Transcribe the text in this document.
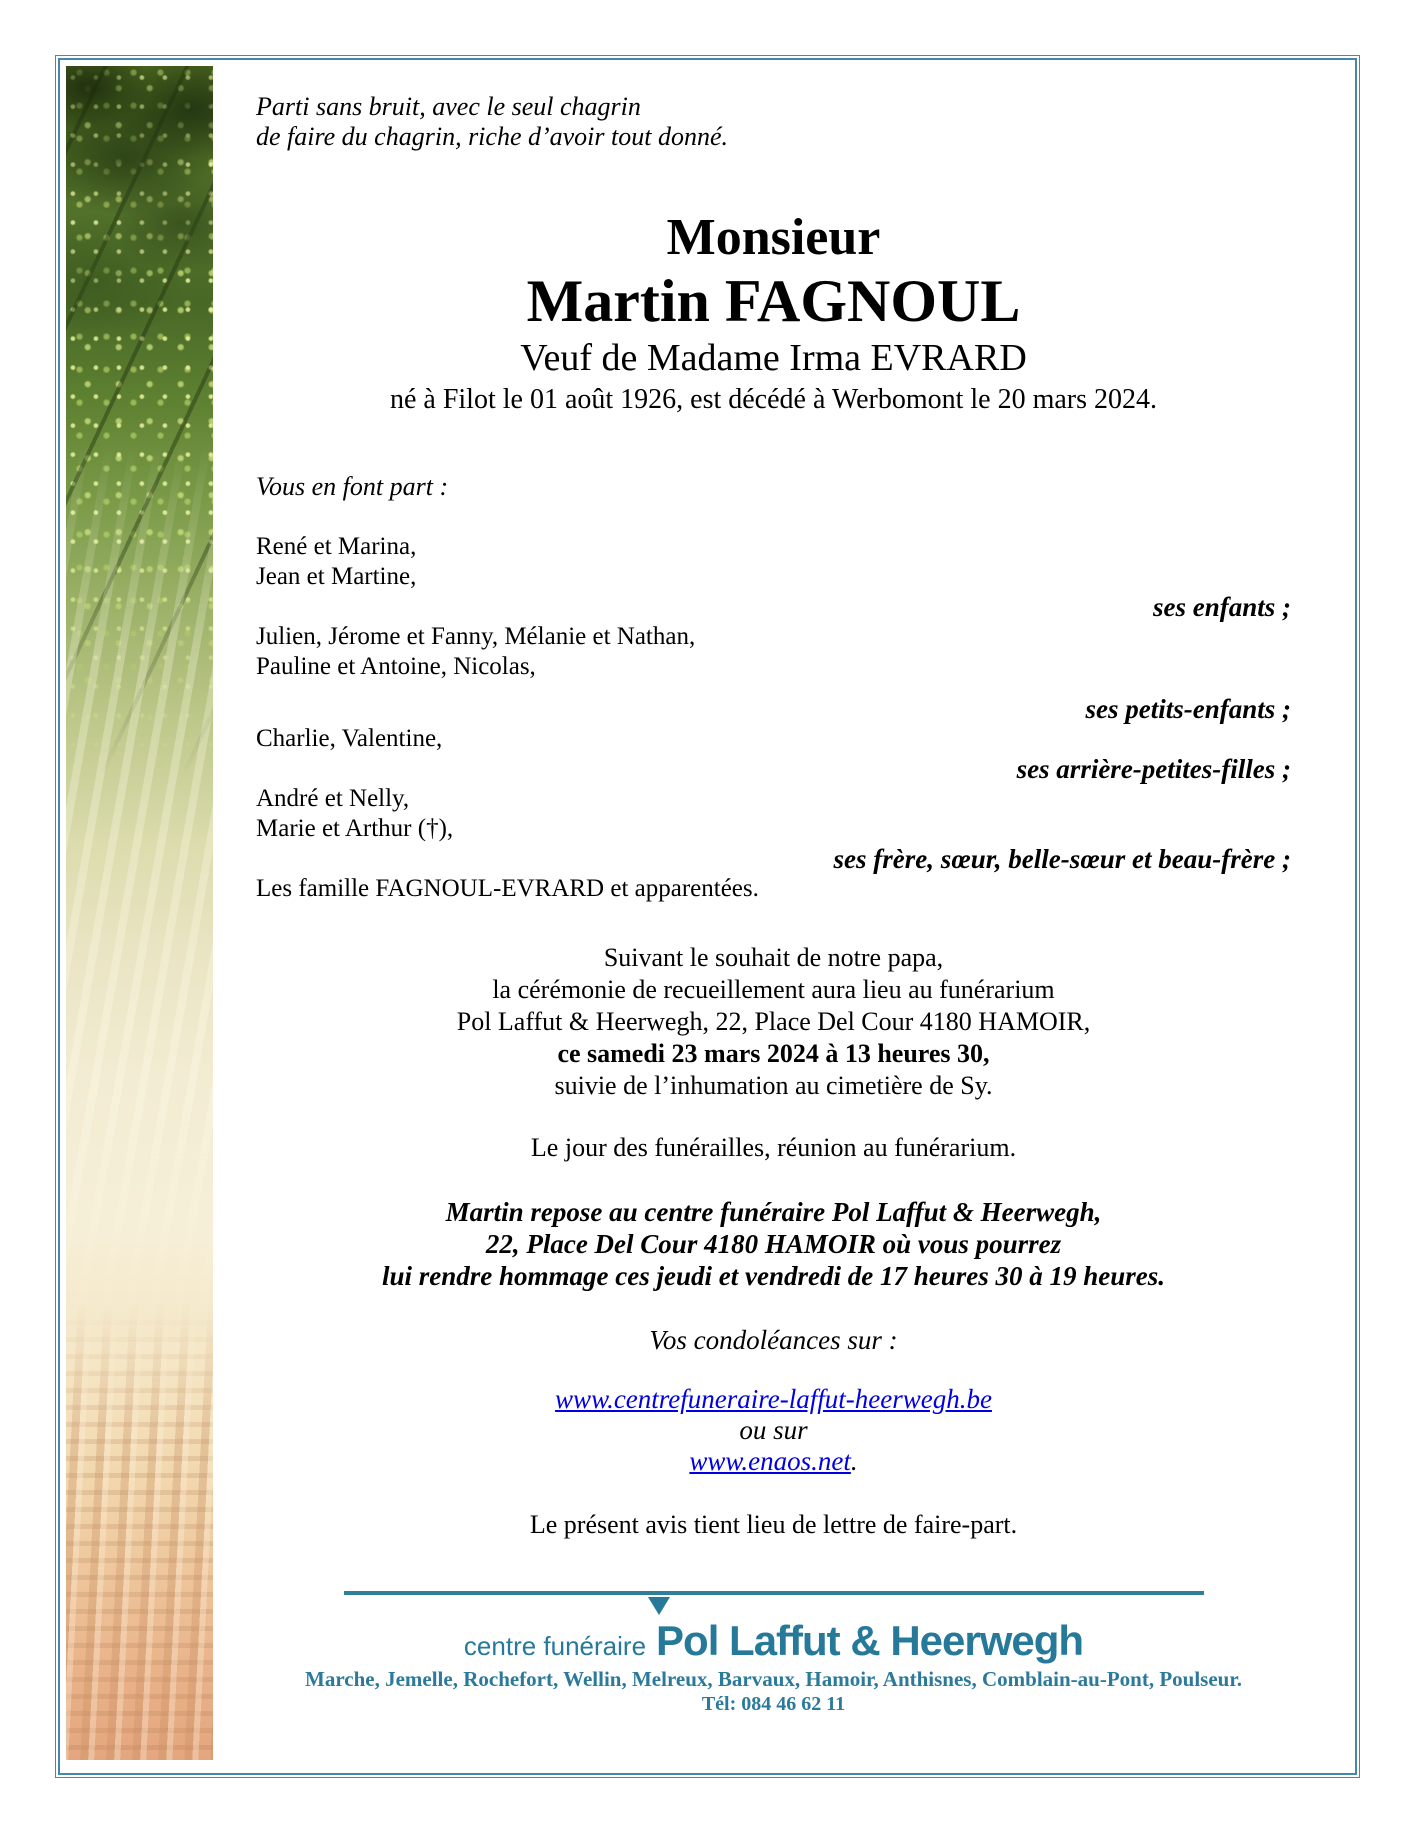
Parti sans bruit, avec le seul chagrin
de faire du chagrin, riche d’avoir tout donné.
Monsieur
Martin FAGNOUL
Veuf de Madame Irma EVRARD
né à Filot le 01 août 1926, est décédé à Werbomont le 20 mars 2024.
Vous en font part :
René et Marina,
Jean et Martine,
ses enfants ;
Julien, Jérome et Fanny, Mélanie et Nathan,
Pauline et Antoine, Nicolas,
ses petits-enfants ;
Charlie, Valentine,
ses arrière-petites-filles ;
André et Nelly,
Marie et Arthur (†),
ses frère, sœur, belle-sœur et beau-frère ;
Les famille FAGNOUL-EVRARD et apparentées.
Suivant le souhait de notre papa,
la cérémonie de recueillement aura lieu au funérarium
Pol Laffut & Heerwegh, 22, Place Del Cour 4180 HAMOIR,
ce samedi 23 mars 2024 à 13 heures 30,
suivie de l’inhumation au cimetière de Sy.
Le jour des funérailles, réunion au funérarium.
Martin repose au centre funéraire Pol Laffut & Heerwegh,
22, Place Del Cour 4180 HAMOIR où vous pourrez
lui rendre hommage ces jeudi et vendredi de 17 heures 30 à 19 heures.
Vos condoléances sur :
www.centrefuneraire-laffut-heerwegh.be
ou sur
www.enaos.net.
Le présent avis tient lieu de lettre de faire-part.
centre funéraire Pol Laffut & Heerwegh
Marche, Jemelle, Rochefort, Wellin, Melreux, Barvaux, Hamoir, Anthisnes, Comblain-au-Pont, Poulseur.
Tél: 084 46 62 11
